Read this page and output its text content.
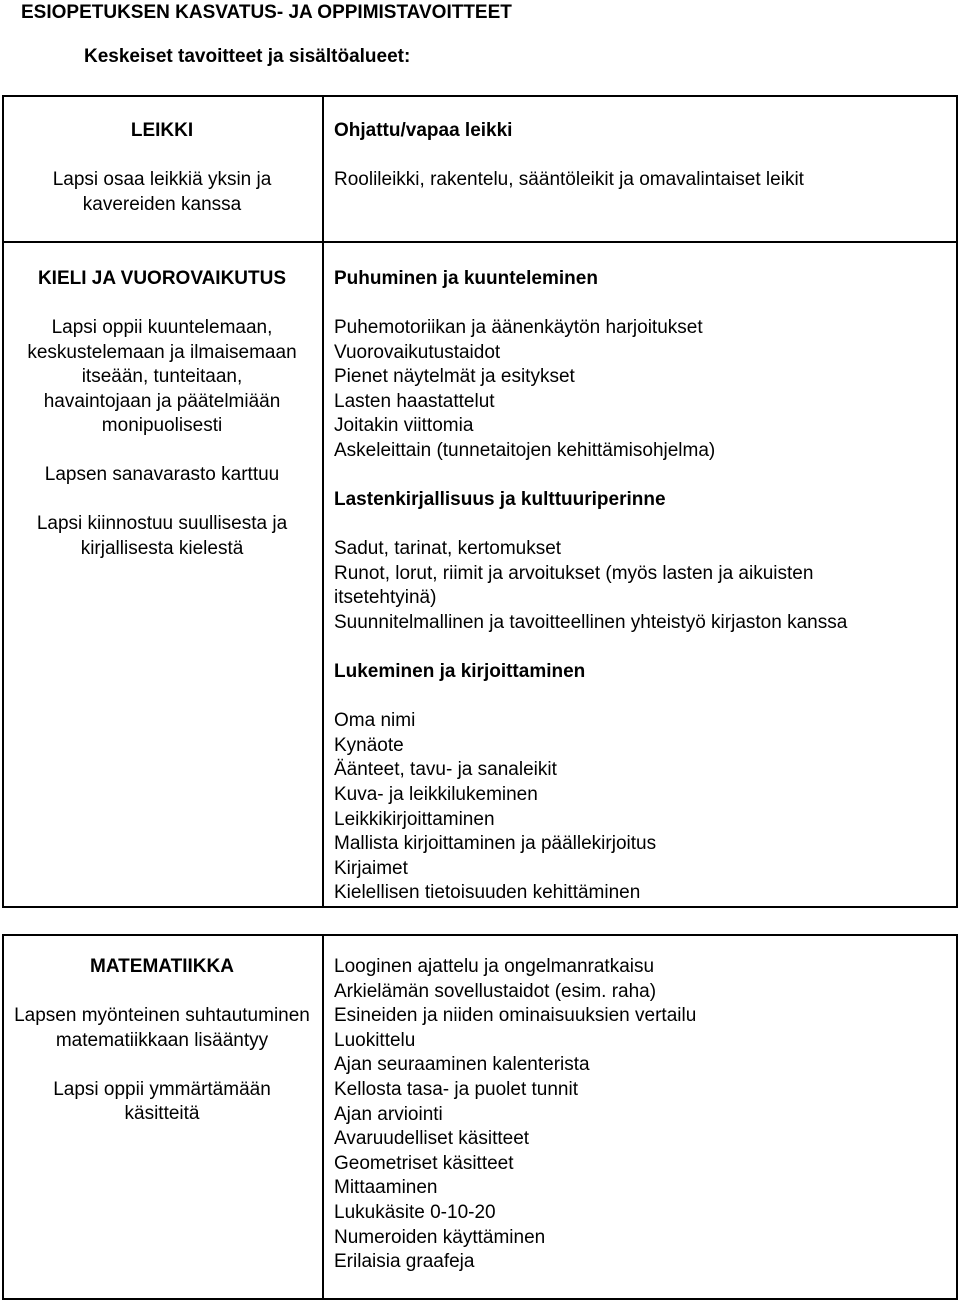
ESIOPETUKSEN KASVATUS- JA OPPIMISTAVOITTEET
Keskeiset tavoitteet ja sisältöalueet:

LEIKKI

Lapsi osaa leikkiä yksin ja kavereiden kanssa

Ohjattu/vapaa leikki
Roolileikki, rakentelu, sääntöleikit ja omavalintaiset leikit

KIELI JA VUOROVAIKUTUS

Lapsi oppii kuuntelemaan, keskustelemaan ja ilmaisemaan itseään, tunteitaan, havaintojaan ja päätelmiään monipuolisesti

Lapsen sanavarasto karttuu

Lapsi kiinnostuu suullisesta ja kirjallisesta kielestä

Puhuminen ja kuunteleminen
Puhemotoriikan ja äänenkäytön harjoitukset
Vuorovaikutustaidot
Pienet näytelmät ja esitykset
Lasten haastattelut
Joitakin viittomia
Askeleittain (tunnetaitojen kehittämisohjelma)
Lastenkirjallisuus ja kulttuuriperinne
Sadut, tarinat, kertomukset
Runot, lorut, riimit ja arvoitukset (myös lasten ja aikuisten
itsetehtyinä)
Suunnitelmallinen ja tavoitteellinen yhteistyö kirjaston kanssa
Lukeminen ja kirjoittaminen
Oma nimi
Kynäote
Äänteet, tavu- ja sanaleikit
Kuva- ja leikkilukeminen
Leikkikirjoittaminen
Mallista kirjoittaminen ja päällekirjoitus
Kirjaimet
Kielellisen tietoisuuden kehittäminen

MATEMATIIKKA

Lapsen myönteinen suhtautuminen matematiikkaan lisääntyy

Lapsi oppii ymmärtämään käsitteitä

Looginen ajattelu ja ongelmanratkaisu
Arkielämän sovellustaidot (esim. raha)
Esineiden ja niiden ominaisuuksien vertailu
Luokittelu
Ajan seuraaminen kalenterista
Kellosta tasa- ja puolet tunnit
Ajan arviointi
Avaruudelliset käsitteet
Geometriset käsitteet
Mittaaminen
Lukukäsite 0-10-20
Numeroiden käyttäminen
Erilaisia graafeja
